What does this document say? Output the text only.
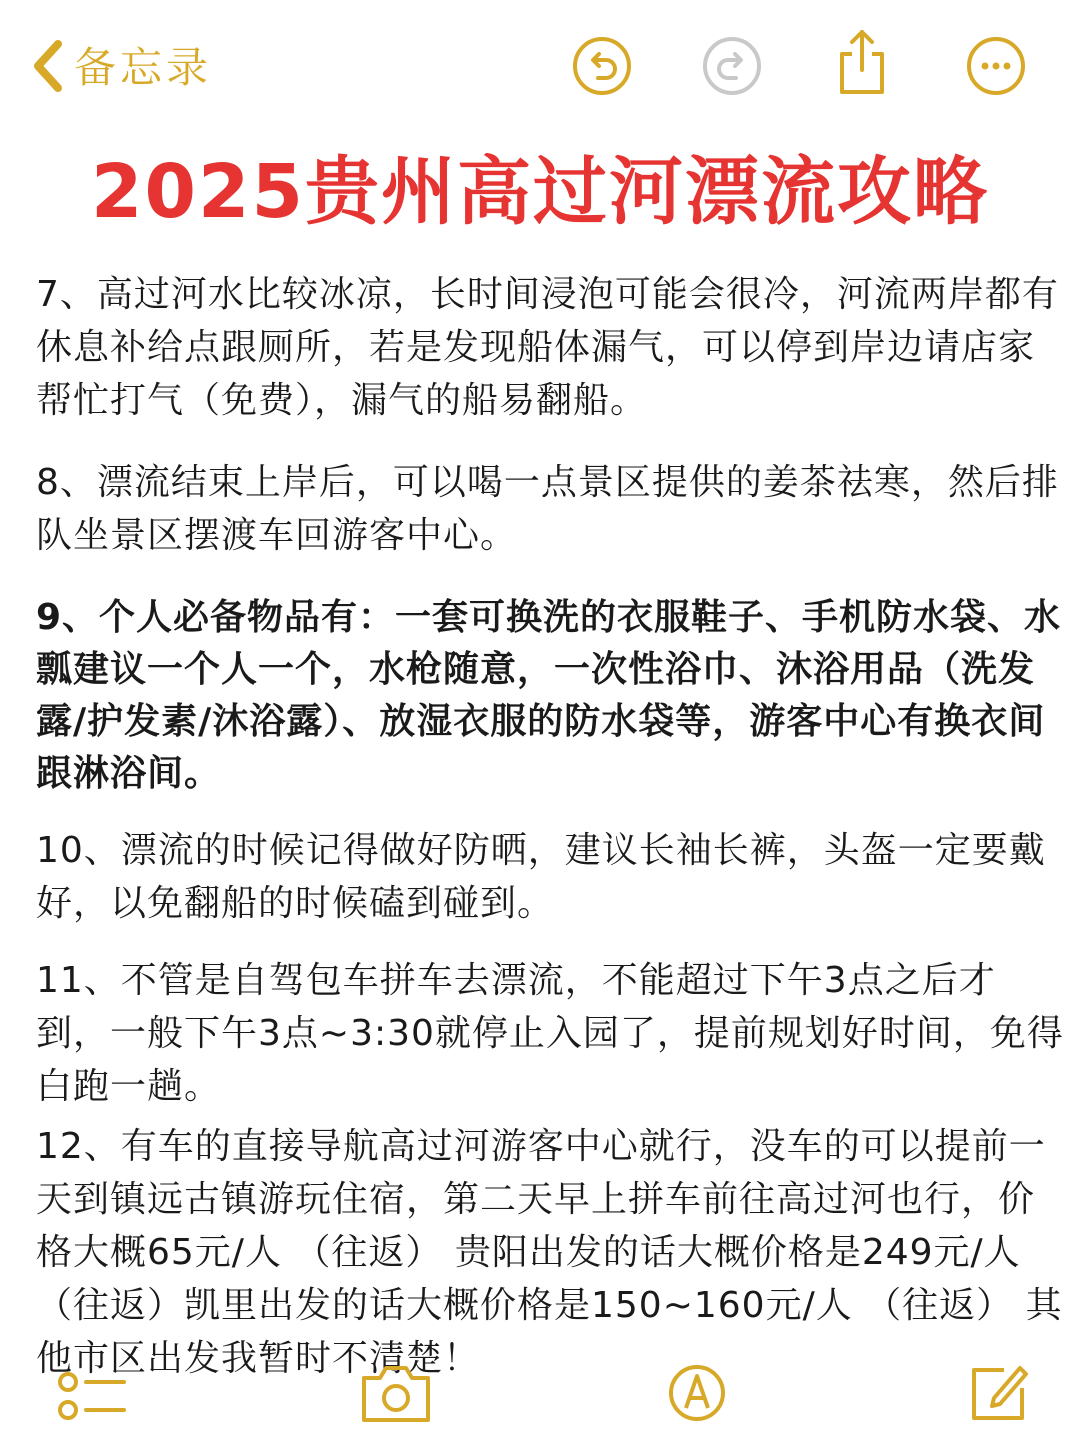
备忘录
2025贵州高过河漂流攻略

7、高过河水比较冰凉，长时间浸泡可能会很冷，河流两岸都有休息补给点跟厕所，若是发现船体漏气，可以停到岸边请店家帮忙打气（免费），漏气的船易翻船。

8、漂流结束上岸后，可以喝一点景区提供的姜茶祛寒，然后排队坐景区摆渡车回游客中心。

9、个人必备物品有：一套可换洗的衣服鞋子、手机防水袋、水瓢建议一个人一个，水枪随意，一次性浴巾、沐浴用品（洗发露/护发素/沐浴露）、放湿衣服的防水袋等，游客中心有换衣间跟淋浴间。

10、漂流的时候记得做好防晒，建议长袖长裤，头盔一定要戴好，以免翻船的时候磕到碰到。

11、不管是自驾包车拼车去漂流，不能超过下午3点之后才到，一般下午3点~3:30就停止入园了，提前规划好时间，免得白跑一趟。

12、有车的直接导航高过河游客中心就行，没车的可以提前一天到镇远古镇游玩住宿，第二天早上拼车前往高过河也行，价格大概65元/人 （往返） 贵阳出发的话大概价格是249元/人（往返）凯里出发的话大概价格是150~160元/人 （往返） 其他市区出发我暂时不清楚！
